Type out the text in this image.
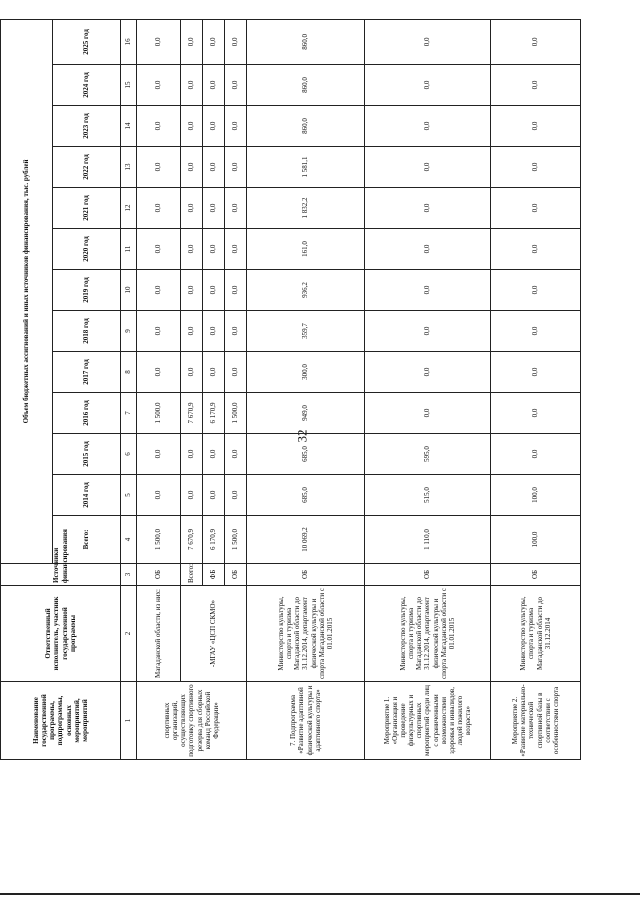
32
Наименование государственной программы, подпрограммы, основных мероприятий, мероприятий	Ответственный исполнитель, участник государственной программы	Источники финансирования	Объем бюджетных ассигнований и иных источников финансирования, тыс. рублей												
			Всего:	2014 год	2015 год	2016 год	2017 год	2018 год	2019 год	2020 год	2021 год	2022 год	2023 год	2024 год	2025 год
1	2	3	4	5	6	7	8	9	10	11	12	13	14	15	16
спортивных организаций, осуществляющих подготовку спортивного резерва для сборных команд Российской Федерации»	Магаданской области, из них:	ОБ	1 500,0	0,0	0,0	1 500,0	0,0	0,0	0,0	0,0	0,0	0,0	0,0	0,0	0,0
	-МГАУ «ЦСП СКМО»	Всего:	7 670,9	0,0	0,0	7 670,9	0,0	0,0	0,0	0,0	0,0	0,0	0,0	0,0	0,0
		ФБ	6 170,9	0,0	0,0	6 170,9	0,0	0,0	0,0	0,0	0,0	0,0	0,0	0,0	0,0
		ОБ	1 500,0	0,0	0,0	1 500,0	0,0	0,0	0,0	0,0	0,0	0,0	0,0	0,0	0,0
7. Подпрограмма «Развитие адаптивной физической культуры и адаптивного спорта»	Министерство культуры, спорта и туризма Магаданской области до 31.12.2014, департамент физической культуры и спорта Магаданской области с 01.01.2015	ОБ	10 069,2	685,0	685,0	949,0	300,0	359,7	936,2	161,0	1 832,2	1 581,1	860,0	860,0	860,0
Мероприятие 1. «Организация и проведение физкультурных и спортивных мероприятий среди лиц с ограниченными возможностями здоровья и инвалидов, людей пожилого возраста»	Министерство культуры, спорта и туризма Магаданской области до 31.12.2014, департамент физической культуры и спорта Магаданской области с 01.01.2015	ОБ	1 110,0	515,0	595,0	0,0	0,0	0,0	0,0	0,0	0,0	0,0	0,0	0,0	0,0
Мероприятие 2. «Развитие материально-технической спортивной базы в соответствии с особенностями спорта	Министерство культуры, спорта и туризма Магаданской области до 31.12.2014	ОБ	100,0	100,0	0,0	0,0	0,0	0,0	0,0	0,0	0,0	0,0	0,0	0,0	0,0
